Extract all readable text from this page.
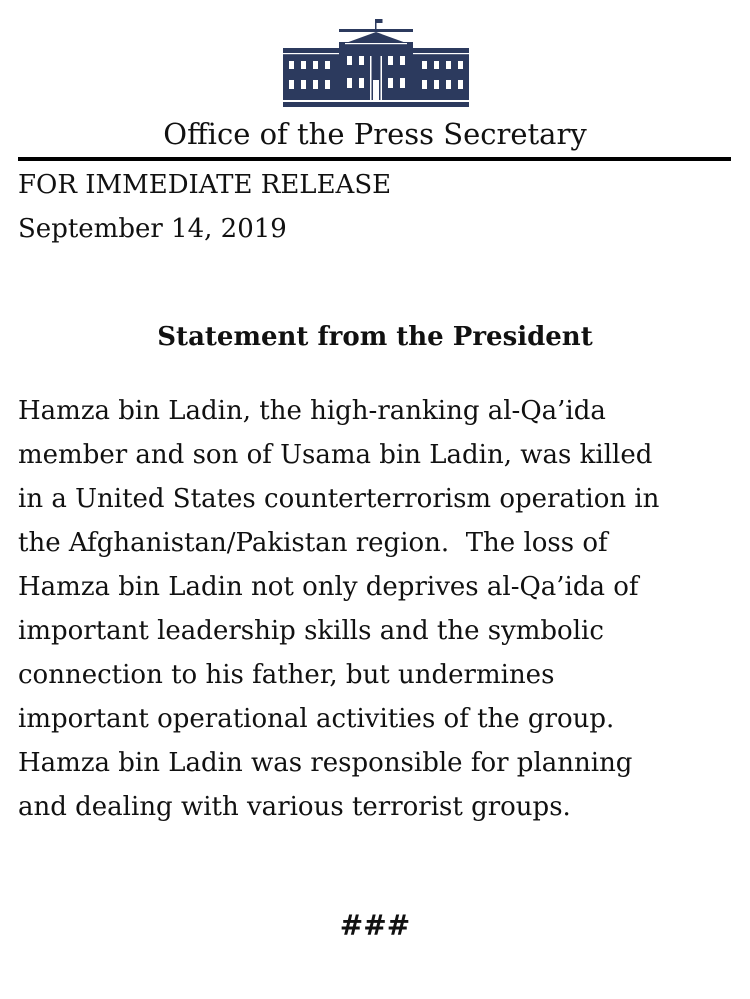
Office of the Press Secretary
FOR IMMEDIATE RELEASE
September 14, 2019
Statement from the President
Hamza bin Ladin, the high-ranking al-Qa’ida
member and son of Usama bin Ladin, was killed
in a United States counterterrorism operation in
the Afghanistan/Pakistan region.  The loss of
Hamza bin Ladin not only deprives al-Qa’ida of
important leadership skills and the symbolic
connection to his father, but undermines
important operational activities of the group.
Hamza bin Ladin was responsible for planning
and dealing with various terrorist groups.
###
